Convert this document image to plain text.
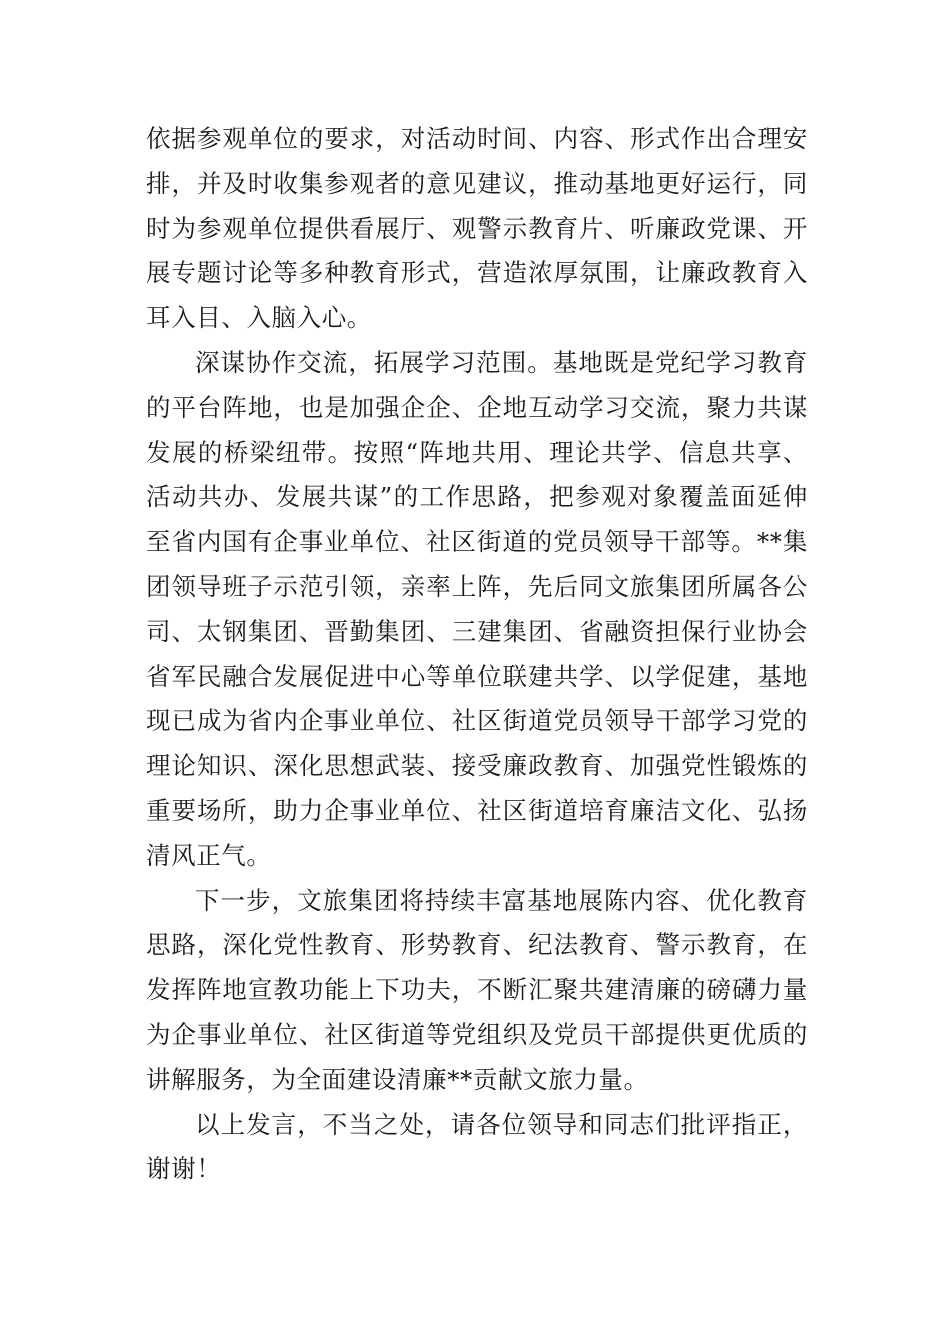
依据参观单位的要求，对活动时间、内容、形式作出合理安排，并及时收集参观者的意见建议，推动基地更好运行，同时为参观单位提供看展厅、观警示教育片、听廉政党课、开展专题讨论等多种教育形式，营造浓厚氛围，让廉政教育入耳入目、入脑入心。

深谋协作交流，拓展学习范围。基地既是党纪学习教育的平台阵地，也是加强企企、企地互动学习交流，聚力共谋发展的桥梁纽带。按照“阵地共用、理论共学、信息共享、活动共办、发展共谋”的工作思路，把参观对象覆盖面延伸至省内国有企事业单位、社区街道的党员领导干部等。**集团领导班子示范引领，亲率上阵，先后同文旅集团所属各公司、太钢集团、晋勤集团、三建集团、省融资担保行业协会省军民融合发展促进中心等单位联建共学、以学促建，基地现已成为省内企事业单位、社区街道党员领导干部学习党的理论知识、深化思想武装、接受廉政教育、加强党性锻炼的重要场所，助力企事业单位、社区街道培育廉洁文化、弘扬清风正气。

下一步，文旅集团将持续丰富基地展陈内容、优化教育思路，深化党性教育、形势教育、纪法教育、警示教育，在发挥阵地宣教功能上下功夫，不断汇聚共建清廉的磅礴力量为企事业单位、社区街道等党组织及党员干部提供更优质的讲解服务，为全面建设清廉**贡献文旅力量。

以上发言，不当之处，请各位领导和同志们批评指正，谢谢！
